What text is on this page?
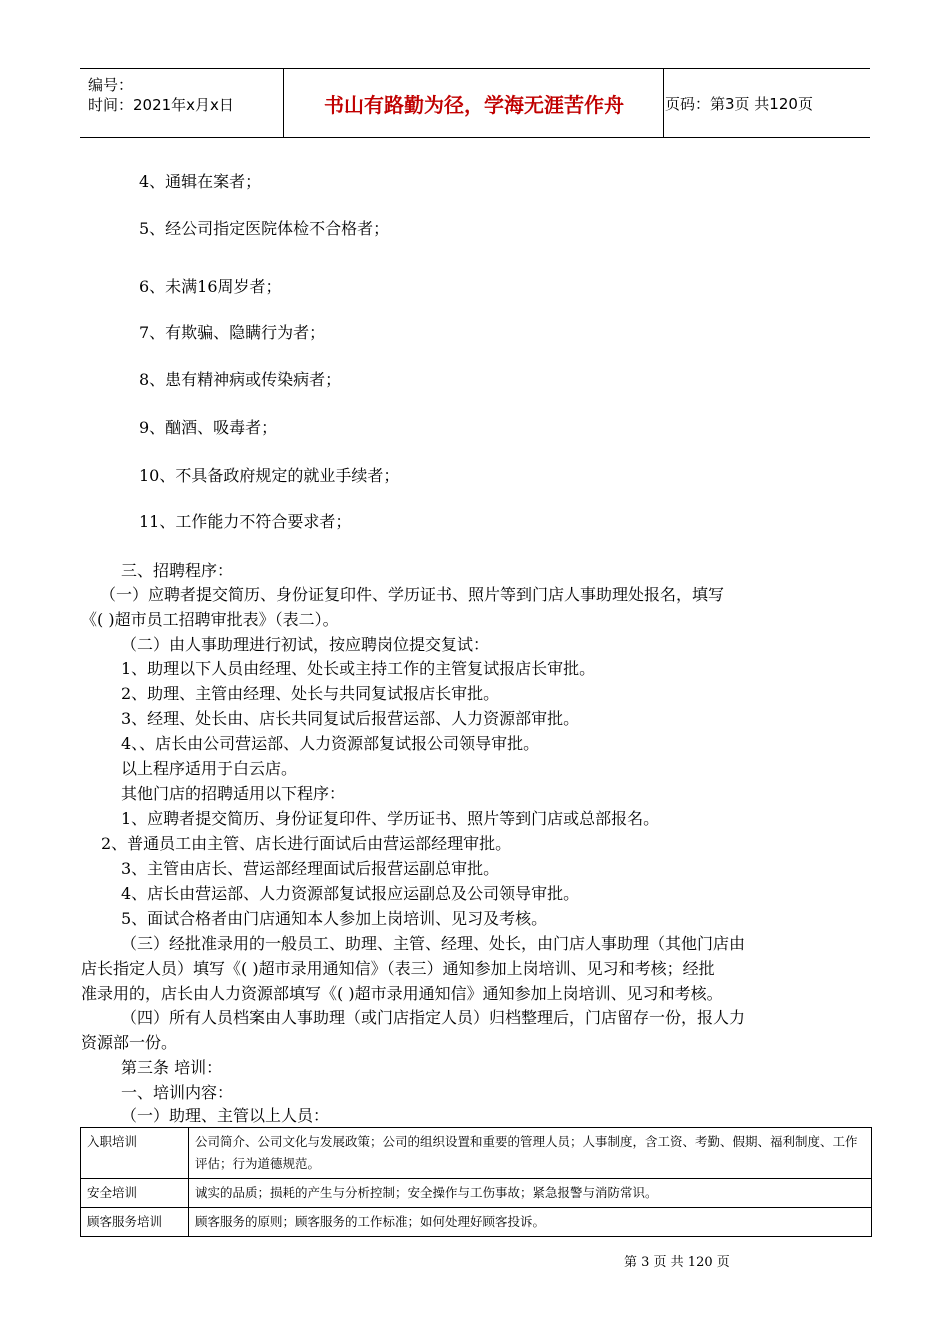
编号：
时间：2021年x月x日	书山有路勤为径，学海无涯苦作舟	页码：第3页 共120页
4、通辑在案者；
5、经公司指定医院体检不合格者；
6、未满16周岁者；
7、有欺骗、隐瞒行为者；
8、患有精神病或传染病者；
9、酗酒、吸毒者；
10、不具备政府规定的就业手续者；
11、工作能力不符合要求者；
三、招聘程序：
（一）应聘者提交简历、身份证复印件、学历证书、照片等到门店人事助理处报名，填写
《( )超市员工招聘审批表》（表二）。
（二）由人事助理进行初试，按应聘岗位提交复试：
1、助理以下人员由经理、处长或主持工作的主管复试报店长审批。
2、助理、主管由经理、处长与共同复试报店长审批。
3、经理、处长由、店长共同复试后报营运部、人力资源部审批。
4、、店长由公司营运部、人力资源部复试报公司领导审批。
以上程序适用于白云店。
其他门店的招聘适用以下程序：
1、应聘者提交简历、身份证复印件、学历证书、照片等到门店或总部报名。
2、普通员工由主管、店长进行面试后由营运部经理审批。
3、主管由店长、营运部经理面试后报营运副总审批。
4、店长由营运部、人力资源部复试报应运副总及公司领导审批。
5、面试合格者由门店通知本人参加上岗培训、见习及考核。
（三）经批准录用的一般员工、助理、主管、经理、处长，由门店人事助理（其他门店由
店长指定人员）填写《( )超市录用通知信》（表三）通知参加上岗培训、见习和考核；经批
准录用的，店长由人力资源部填写《( )超市录用通知信》通知参加上岗培训、见习和考核。
（四）所有人员档案由人事助理（或门店指定人员）归档整理后，门店留存一份，报人力
资源部一份。
第三条 培训：
一、培训内容：
（一）助理、主管以上人员：
入职培训	公司简介、公司文化与发展政策；公司的组织设置和重要的管理人员；人事制度，含工资、考勤、假期、福利制度、工作评估；行为道德规范。
安全培训	诚实的品质；损耗的产生与分析控制；安全操作与工伤事故；紧急报警与消防常识。
顾客服务培训	顾客服务的原则；顾客服务的工作标准；如何处理好顾客投诉。
第 3 页 共 120 页
